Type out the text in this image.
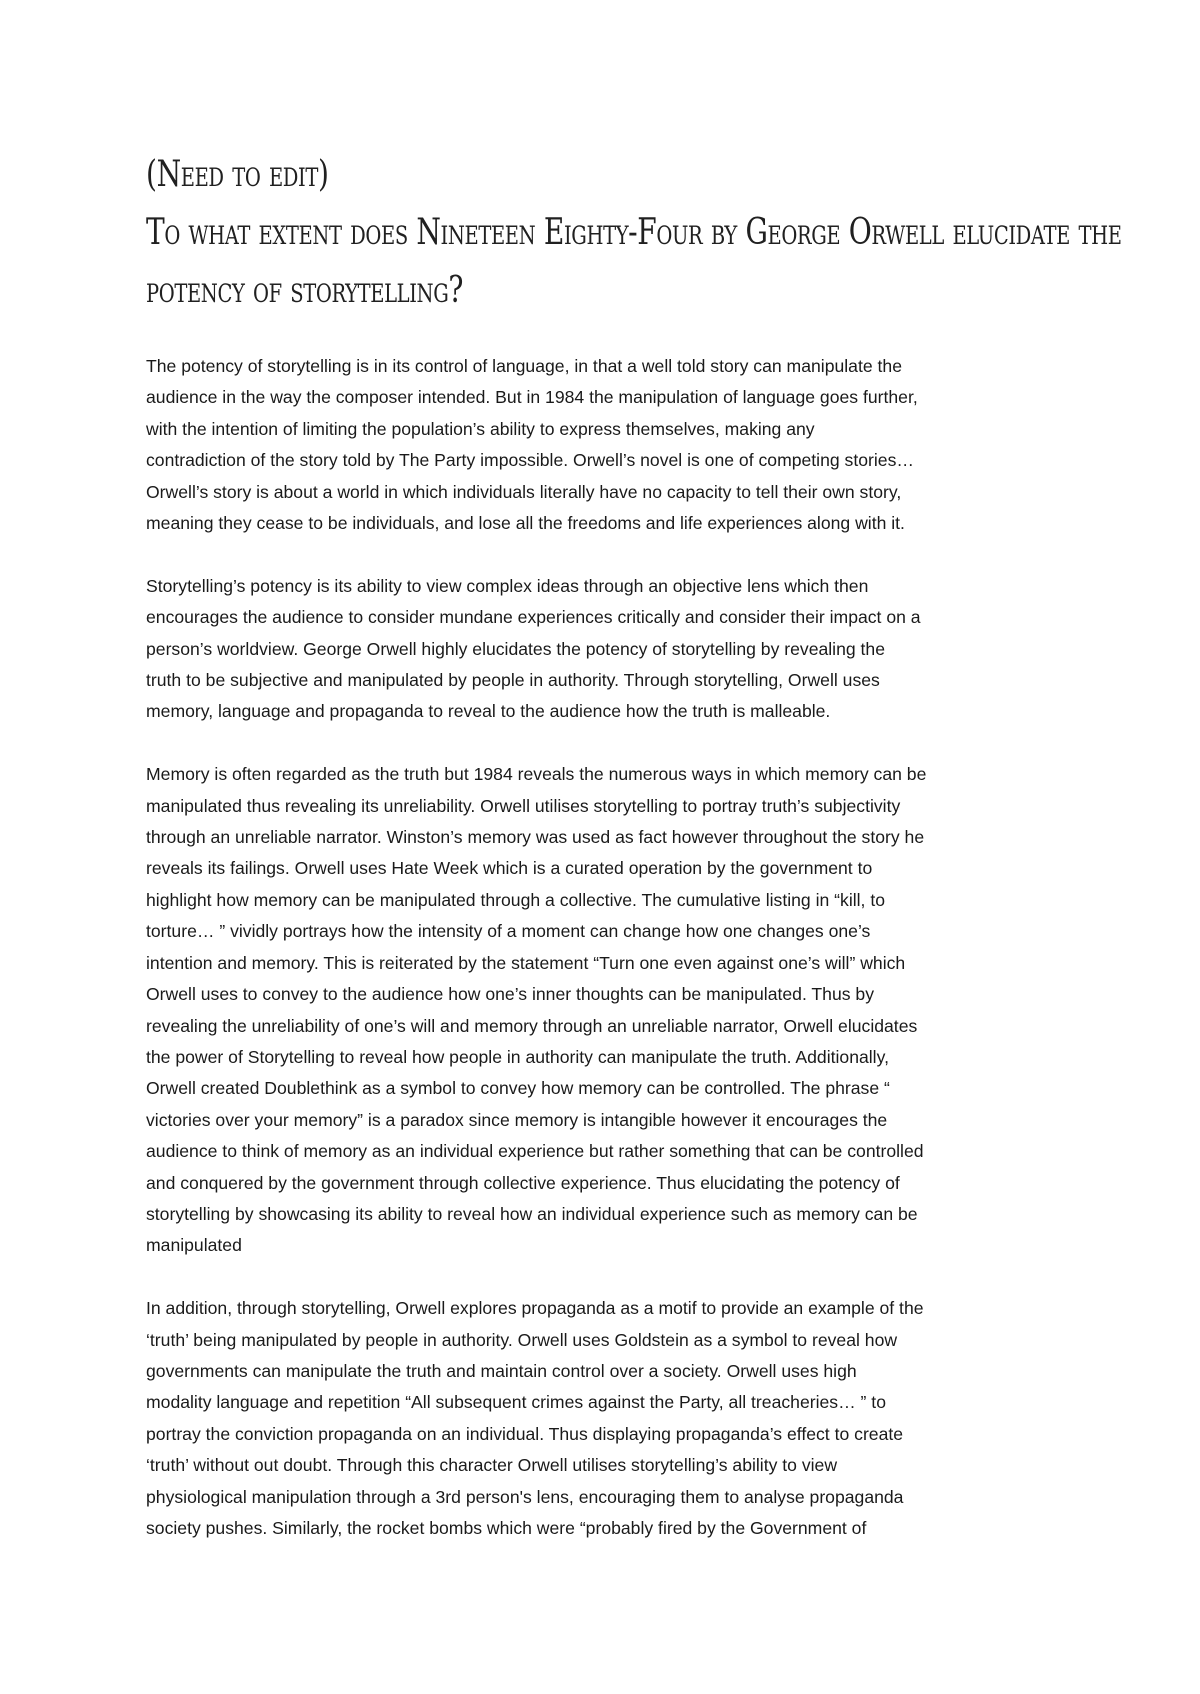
(Need to edit)
To what extent does Nineteen Eighty-Four by George Orwell elucidate the
potency of storytelling?
The potency of storytelling is in its control of language, in that a well told story can manipulate the
audience in the way the composer intended. But in 1984 the manipulation of language goes further,
with the intention of limiting the population’s ability to express themselves, making any
contradiction of the story told by The Party impossible. Orwell’s novel is one of competing stories…
Orwell’s story is about a world in which individuals literally have no capacity to tell their own story,
meaning they cease to be individuals, and lose all the freedoms and life experiences along with it.
Storytelling’s potency is its ability to view complex ideas through an objective lens which then
encourages the audience to consider mundane experiences critically and consider their impact on a
person’s worldview. George Orwell highly elucidates the potency of storytelling by revealing the
truth to be subjective and manipulated by people in authority. Through storytelling, Orwell uses
memory, language and propaganda to reveal to the audience how the truth is malleable.
Memory is often regarded as the truth but 1984 reveals the numerous ways in which memory can be
manipulated thus revealing its unreliability. Orwell utilises storytelling to portray truth’s subjectivity
through an unreliable narrator. Winston’s memory was used as fact however throughout the story he
reveals its failings. Orwell uses Hate Week which is a curated operation by the government to
highlight how memory can be manipulated through a collective. The cumulative listing in “kill, to
torture… ” vividly portrays how the intensity of a moment can change how one changes one’s
intention and memory. This is reiterated by the statement “Turn one even against one’s will” which
Orwell uses to convey to the audience how one’s inner thoughts can be manipulated. Thus by
revealing the unreliability of one’s will and memory through an unreliable narrator, Orwell elucidates
the power of Storytelling to reveal how people in authority can manipulate the truth. Additionally,
Orwell created Doublethink as a symbol to convey how memory can be controlled. The phrase “
victories over your memory” is a paradox since memory is intangible however it encourages the
audience to think of memory as an individual experience but rather something that can be controlled
and conquered by the government through collective experience. Thus elucidating the potency of
storytelling by showcasing its ability to reveal how an individual experience such as memory can be
manipulated
In addition, through storytelling, Orwell explores propaganda as a motif to provide an example of the
‘truth’ being manipulated by people in authority. Orwell uses Goldstein as a symbol to reveal how
governments can manipulate the truth and maintain control over a society. Orwell uses high
modality language and repetition “All subsequent crimes against the Party, all treacheries… ” to
portray the conviction propaganda on an individual. Thus displaying propaganda’s effect to create
‘truth’ without out doubt. Through this character Orwell utilises storytelling’s ability to view
physiological manipulation through a 3rd person's lens, encouraging them to analyse propaganda
society pushes. Similarly, the rocket bombs which were “probably fired by the Government of
